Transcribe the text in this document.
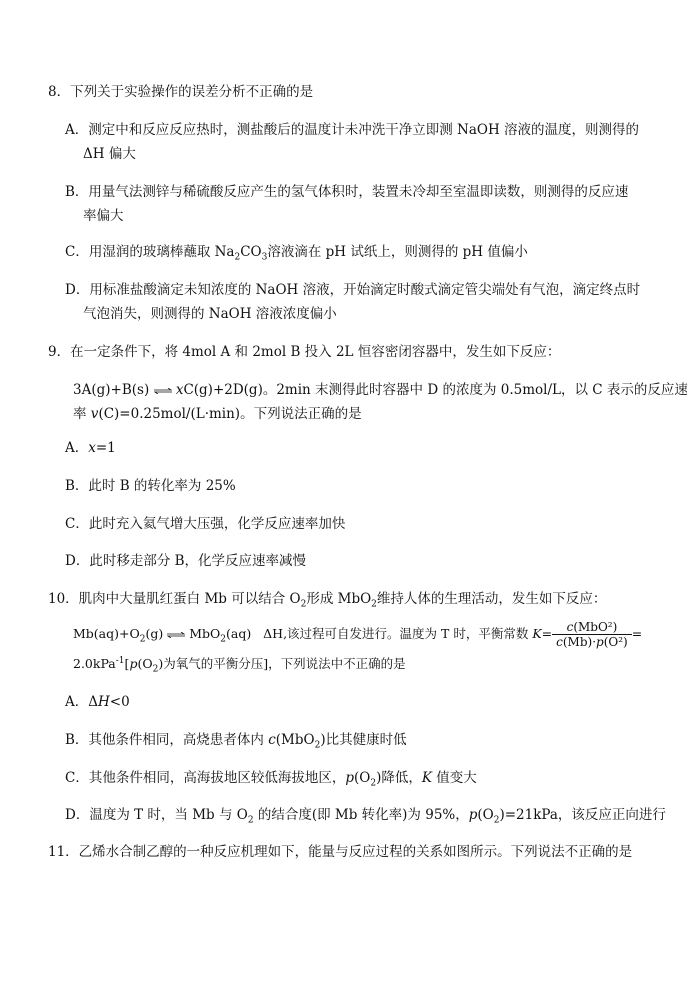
8．下列关于实验操作的误差分析不正确的是
A．测定中和反应反应热时，测盐酸后的温度计未冲洗干净立即测 NaOH 溶液的温度，则测得的
ΔH 偏大
B．用量气法测锌与稀硫酸反应产生的氢气体积时，装置未冷却至室温即读数，则测得的反应速
率偏大
C．用湿润的玻璃棒蘸取 $Na_2CO_3$溶液滴在 pH 试纸上，则测得的 pH 值偏小
D．用标准盐酸滴定未知浓度的 NaOH 溶液，开始滴定时酸式滴定管尖端处有气泡，滴定终点时
气泡消失，则测得的 NaOH 溶液浓度偏小
9．在一定条件下，将 4mol A 和 2mol B 投入 2L 恒容密闭容器中，发生如下反应：
3A(g)+B(s) ⇌ xC(g)+2D(g)。2min 末测得此时容器中 D 的浓度为 0.5mol/L，以 C 表示的反应速
率 v(C)=0.25mol/(L·min)。下列说法正确的是
A．x=1
B．此时 B 的转化率为 25%
C．此时充入氦气增大压强，化学反应速率加快
D．此时移走部分 B，化学反应速率减慢
10．肌肉中大量肌红蛋白 Mb 可以结合 $O_2$形成 MbO$_2$维持人体的生理活动，发生如下反应：
$Mb(aq)+O_2(g)$ ⇌ MbO$_2$(aq) ΔH,该过程可自发进行。温度为 T 时，平衡常数 $K= \frac{\text{c(MbO²)}}{\text{c(Mb)·p(O²)}}$ =
$2.0kPa^{-1}[p(O_2)$为氧气的平衡分压]，下列说法中不正确的是
A．ΔH<0
B．其他条件相同，高烧患者体内 c(MbO$_2$)比其健康时低
C．其他条件相同，高海拔地区较低海拔地区，$p(O_2)$降低，K 值变大
D．温度为 T 时，当 Mb 与 $O_2$ 的结合度(即 Mb 转化率)为 95%，$p(O_2)=21kPa$，该反应正向进行
11．乙烯水合制乙醇的一种反应机理如下，能量与反应过程的关系如图所示。下列说法不正确的是
